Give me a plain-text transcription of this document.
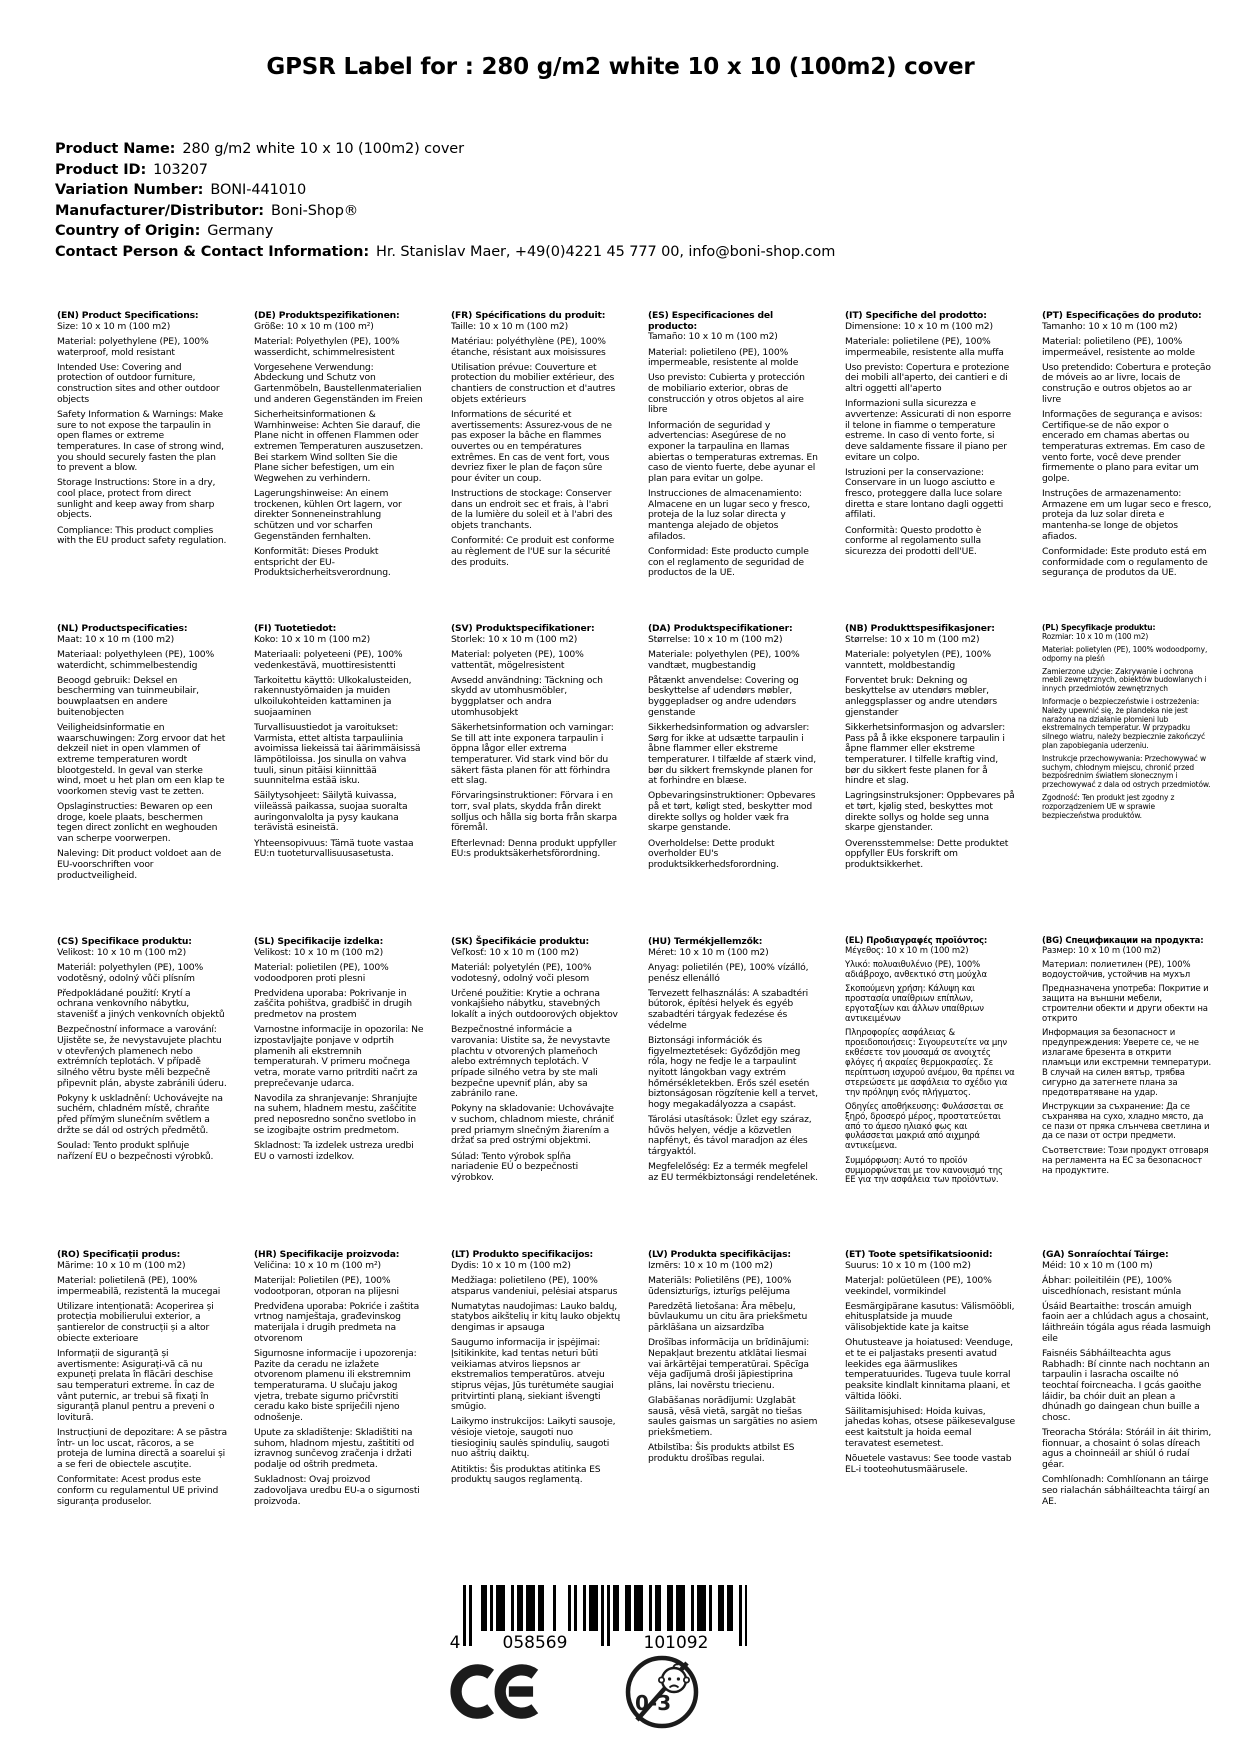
GPSR Label for : 280 g/m2 white 10 x 10 (100m2) cover
Product Name: 280 g/m2 white 10 x 10 (100m2) cover
Product ID: 103207
Variation Number: BONI-441010
Manufacturer/Distributor: Boni-Shop®
Country of Origin: Germany
Contact Person & Contact Information: Hr. Stanislav Maer, +49(0)4221 45 777 00, info@boni-shop.com
(EN) Product Specifications:

Size: 10 x 10 m (100 m2)

Material: polyethylene (PE), 100% waterproof, mold resistant

Intended Use: Covering and protection of outdoor furniture, construction sites and other outdoor objects

Safety Information & Warnings: Make sure to not expose the tarpaulin in open flames or extreme temperatures. In case of strong wind, you should securely fasten the plan to prevent a blow.

Storage Instructions: Store in a dry, cool place, protect from direct sunlight and keep away from sharp objects.

Compliance: This product complies with the EU product safety regulation.

(DE) Produktspezifikationen:

Größe: 10 x 10 m (100 m²)

Material: Polyethylen (PE), 100% wasserdicht, schimmelresistent

Vorgesehene Verwendung: Abdeckung und Schutz von Gartenmöbeln, Baustellenmaterialien und anderen Gegenständen im Freien

Sicherheitsinformationen & Warnhinweise: Achten Sie darauf, die Plane nicht in offenen Flammen oder extremen Temperaturen auszusetzen. Bei starkem Wind sollten Sie die Plane sicher befestigen, um ein Wegwehen zu verhindern.

Lagerungshinweise: An einem trockenen, kühlen Ort lagern, vor direkter Sonneneinstrahlung schützen und vor scharfen Gegenständen fernhalten.

Konformität: Dieses Produkt entspricht der EU-Produktsicherheitsverordnung.

(FR) Spécifications du produit:

Taille: 10 x 10 m (100 m2)

Matériau: polyéthylène (PE), 100% étanche, résistant aux moisissures

Utilisation prévue: Couverture et protection du mobilier extérieur, des chantiers de construction et d'autres objets extérieurs

Informations de sécurité et avertissements: Assurez-vous de ne pas exposer la bâche en flammes ouvertes ou en températures extrêmes. En cas de vent fort, vous devriez fixer le plan de façon sûre pour éviter un coup.

Instructions de stockage: Conserver dans un endroit sec et frais, à l'abri de la lumière du soleil et à l'abri des objets tranchants.

Conformité: Ce produit est conforme au règlement de l'UE sur la sécurité des produits.

(ES) Especificaciones del producto:

Tamaño: 10 x 10 m (100 m2)

Material: polietileno (PE), 100% impermeable, resistente al molde

Uso previsto: Cubierta y protección de mobiliario exterior, obras de construcción y otros objetos al aire libre

Información de seguridad y advertencias: Asegúrese de no exponer la tarpaulina en llamas abiertas o temperaturas extremas. En caso de viento fuerte, debe ayunar el plan para evitar un golpe.

Instrucciones de almacenamiento: Almacene en un lugar seco y fresco, proteja de la luz solar directa y mantenga alejado de objetos afilados.

Conformidad: Este producto cumple con el reglamento de seguridad de productos de la UE.

(IT) Specifiche del prodotto:

Dimensione: 10 x 10 m (100 m2)

Materiale: polietilene (PE), 100% impermeabile, resistente alla muffa

Uso previsto: Copertura e protezione dei mobili all'aperto, dei cantieri e di altri oggetti all'aperto

Informazioni sulla sicurezza e avvertenze: Assicurati di non esporre il telone in fiamme o temperature estreme. In caso di vento forte, si deve saldamente fissare il piano per evitare un colpo.

Istruzioni per la conservazione: Conservare in un luogo asciutto e fresco, proteggere dalla luce solare diretta e stare lontano dagli oggetti affilati.

Conformità: Questo prodotto è conforme al regolamento sulla sicurezza dei prodotti dell'UE.

(PT) Especificações do produto:

Tamanho: 10 x 10 m (100 m2)

Material: polietileno (PE), 100% impermeável, resistente ao molde

Uso pretendido: Cobertura e proteção de móveis ao ar livre, locais de construção e outros objetos ao ar livre

Informações de segurança e avisos: Certifique-se de não expor o encerado em chamas abertas ou temperaturas extremas. Em caso de vento forte, você deve prender firmemente o plano para evitar um golpe.

Instruções de armazenamento: Armazene em um lugar seco e fresco, proteja da luz solar direta e mantenha-se longe de objetos afiados.

Conformidade: Este produto está em conformidade com o regulamento de segurança de produtos da UE.

(NL) Productspecificaties:

Maat: 10 x 10 m (100 m2)

Materiaal: polyethyleen (PE), 100% waterdicht, schimmelbestendig

Beoogd gebruik: Deksel en bescherming van tuinmeubilair, bouwplaatsen en andere buitenobjecten

Veiligheidsinformatie en waarschuwingen: Zorg ervoor dat het dekzeil niet in open vlammen of extreme temperaturen wordt blootgesteld. In geval van sterke wind, moet u het plan om een klap te voorkomen stevig vast te zetten.

Opslaginstructies: Bewaren op een droge, koele plaats, beschermen tegen direct zonlicht en weghouden van scherpe voorwerpen.

Naleving: Dit product voldoet aan de EU-voorschriften voor productveiligheid.

(FI) Tuotetiedot:

Koko: 10 x 10 m (100 m2)

Materiaali: polyeteeni (PE), 100% vedenkestävä, muottiresistentti

Tarkoitettu käyttö: Ulkokalusteiden, rakennustyömaiden ja muiden ulkoilukohteiden kattaminen ja suojaaminen

Turvallisuustiedot ja varoitukset: Varmista, ettet altista tarpauliinia avoimissa liekeissä tai äärimmäisissä lämpötiloissa. Jos sinulla on vahva tuuli, sinun pitäisi kiinnittää suunnitelma estää isku.

Säilytysohjeet: Säilytä kuivassa, viileässä paikassa, suojaa suoralta auringonvalolta ja pysy kaukana terävistä esineistä.

Yhteensopivuus: Tämä tuote vastaa EU:n tuoteturvallisuusasetusta.

(SV) Produktspecifikationer:

Storlek: 10 x 10 m (100 m2)

Material: polyeten (PE), 100% vattentät, mögelresistent

Avsedd användning: Täckning och skydd av utomhusmöbler, byggplatser och andra utomhusobjekt

Säkerhetsinformation och varningar: Se till att inte exponera tarpaulin i öppna lågor eller extrema temperaturer. Vid stark vind bör du säkert fästa planen för att förhindra ett slag.

Förvaringsinstruktioner: Förvara i en torr, sval plats, skydda från direkt solljus och hålla sig borta från skarpa föremål.

Efterlevnad: Denna produkt uppfyller EU:s produktsäkerhetsförordning.

(DA) Produktspecifikationer:

Størrelse: 10 x 10 m (100 m2)

Materiale: polyethylen (PE), 100% vandtæt, mugbestandig

Påtænkt anvendelse: Covering og beskyttelse af udendørs møbler, byggepladser og andre udendørs genstande

Sikkerhedsinformation og advarsler: Sørg for ikke at udsætte tarpaulin i åbne flammer eller ekstreme temperaturer. I tilfælde af stærk vind, bør du sikkert fremskynde planen for at forhindre en blæse.

Opbevaringsinstruktioner: Opbevares på et tørt, køligt sted, beskytter mod direkte sollys og holder væk fra skarpe genstande.

Overholdelse: Dette produkt overholder EU's produktsikkerhedsforordning.

(NB) Produkttspesifikasjoner:

Størrelse: 10 x 10 m (100 m2)

Materiale: polyetylen (PE), 100% vanntett, moldbestandig

Forventet bruk: Dekning og beskyttelse av utendørs møbler, anleggsplasser og andre utendørs gjenstander

Sikkerhetsinformasjon og advarsler: Pass på å ikke eksponere tarpaulin i åpne flammer eller ekstreme temperaturer. I tilfelle kraftig vind, bør du sikkert feste planen for å hindre et slag.

Lagringsinstruksjoner: Oppbevares på et tørt, kjølig sted, beskyttes mot direkte sollys og holde seg unna skarpe gjenstander.

Overensstemmelse: Dette produktet oppfyller EUs forskrift om produktsikkerhet.

(PL) Specyfikacje produktu:

Rozmiar: 10 x 10 m (100 m2)

Materiał: polietylen (PE), 100% wodoodporny, odporny na pleśń

Zamierzone użycie: Zakrywanie i ochrona mebli zewnętrznych, obiektów budowlanych i innych przedmiotów zewnętrznych

Informacje o bezpieczeństwie i ostrzeżenia: Należy upewnić się, że plandeka nie jest narażona na działanie płomieni lub ekstremalnych temperatur. W przypadku silnego wiatru, należy bezpiecznie zakończyć plan zapobiegania uderzeniu.

Instrukcje przechowywania: Przechowywać w suchym, chłodnym miejscu, chronić przed bezpośrednim światłem słonecznym i przechowywać z dala od ostrych przedmiotów.

Zgodność: Ten produkt jest zgodny z rozporządzeniem UE w sprawie bezpieczeństwa produktów.

(CS) Specifikace produktu:

Velikost: 10 x 10 m (100 m2)

Materiál: polyethylen (PE), 100% vodotěsný, odolný vůči plísním

Předpokládané použití: Krytí a ochrana venkovního nábytku, stavenišť a jiných venkovních objektů

Bezpečnostní informace a varování: Ujistěte se, že nevystavujete plachtu v otevřených plamenech nebo extrémních teplotách. V případě silného větru byste měli bezpečně připevnit plán, abyste zabránili úderu.

Pokyny k uskladnění: Uchovávejte na suchém, chladném místě, chraňte před přímým slunečním světlem a držte se dál od ostrých předmětů.

Soulad: Tento produkt splňuje nařízení EU o bezpečnosti výrobků.

(SL) Specifikacije izdelka:

Velikost: 10 x 10 m (100 m2)

Material: polietilen (PE), 100% vodoodporen proti plesni

Predvidena uporaba: Pokrivanje in zaščita pohištva, gradbišč in drugih predmetov na prostem

Varnostne informacije in opozorila: Ne izpostavljajte ponjave v odprtih plamenih ali ekstremnih temperaturah. V primeru močnega vetra, morate varno pritrditi načrt za preprečevanje udarca.

Navodila za shranjevanje: Shranjujte na suhem, hladnem mestu, zaščitite pred neposredno sončno svetlobo in se izogibajte ostrim predmetom.

Skladnost: Ta izdelek ustreza uredbi EU o varnosti izdelkov.

(SK) Špecifikácie produktu:

Veľkosť: 10 x 10 m (100 m2)

Materiál: polyetylén (PE), 100% vodotesný, odolný voči plesom

Určené použitie: Krytie a ochrana vonkajšieho nábytku, stavebných lokalít a iných outdoorových objektov

Bezpečnostné informácie a varovania: Uistite sa, že nevystavte plachtu v otvorených plameňoch alebo extrémnych teplotách. V prípade silného vetra by ste mali bezpečne upevniť plán, aby sa zabránilo rane.

Pokyny na skladovanie: Uchovávajte v suchom, chladnom mieste, chrániť pred priamym slnečným žiarením a držať sa pred ostrými objektmi.

Súlad: Tento výrobok spĺňa nariadenie EÚ o bezpečnosti výrobkov.

(HU) Termékjellemzők:

Méret: 10 x 10 m (100 m2)

Anyag: polietilén (PE), 100% vízálló, penész ellenálló

Tervezett felhasználás: A szabadtéri bútorok, építési helyek és egyéb szabadtéri tárgyak fedezése és védelme

Biztonsági információk és figyelmeztetések: Győződjön meg róla, hogy ne fedje le a tarpaulint nyitott lángokban vagy extrém hőmérsékletekben. Erős szél esetén biztonságosan rögzítenie kell a tervet, hogy megakadályozza a csapást.

Tárolási utasítások: Üzlet egy száraz, hűvös helyen, védje a közvetlen napfényt, és távol maradjon az éles tárgyaktól.

Megfelelőség: Ez a termék megfelel az EU termékbiztonsági rendeletének.

(EL) Προδιαγραφές προϊόντος:

Μέγεθος: 10 x 10 m (100 m2)

Υλικό: πολυαιθυλένιο (PE), 100% αδιάβροχο, ανθεκτικό στη μούχλα

Σκοπούμενη χρήση: Κάλυψη και προστασία υπαίθριων επίπλων, εργοταξίων και άλλων υπαίθριων αντικειμένων

Πληροφορίες ασφάλειας & προειδοποιήσεις: Σιγουρευτείτε να μην εκθέσετε τον μουσαμά σε ανοιχτές φλόγες ή ακραίες θερμοκρασίες. Σε περίπτωση ισχυρού ανέμου, θα πρέπει να στερεώσετε με ασφάλεια το σχέδιο για την πρόληψη ενός πλήγματος.

Οδηγίες αποθήκευσης: Φυλάσσεται σε ξηρό, δροσερό μέρος, προστατεύεται από το άμεσο ηλιακό φως και φυλάσσεται μακριά από αιχμηρά αντικείμενα.

Συμμόρφωση: Αυτό το προϊόν συμμορφώνεται με τον κανονισμό της ΕΕ για την ασφάλεια των προϊόντων.

(BG) Спецификации на продукта:

Размер: 10 x 10 m (100 m2)

Материал: полиетилен (PE), 100% водоустойчив, устойчив на мухъл

Предназначена употреба: Покритие и защита на външни мебели, строителни обекти и други обекти на открито

Информация за безопасност и предупреждения: Уверете се, че не излагаме брезента в открити пламъци или екстремни температури. В случай на силен вятър, трябва сигурно да затегнете плана за предотвратяване на удар.

Инструкции за съхранение: Да се съхранява на сухо, хладно място, да се пази от пряка слънчева светлина и да се пази от остри предмети.

Съответствие: Този продукт отговаря на регламента на ЕС за безопасност на продуктите.

(RO) Specificații produs:

Mărime: 10 x 10 m (100 m2)

Material: polietilenă (PE), 100% impermeabilă, rezistentă la mucegai

Utilizare intenționată: Acoperirea și protecția mobilierului exterior, a șantierelor de construcții și a altor obiecte exterioare

Informații de siguranță și avertismente: Asigurați-vă că nu expuneți prelata în flăcări deschise sau temperaturi extreme. În caz de vânt puternic, ar trebui să fixați în siguranță planul pentru a preveni o lovitură.

Instrucțiuni de depozitare: A se păstra într- un loc uscat, răcoros, a se proteja de lumina directă a soarelui și a se feri de obiectele ascuțite.

Conformitate: Acest produs este conform cu regulamentul UE privind siguranța produselor.

(HR) Specifikacije proizvoda:

Veličina: 10 x 10 m (100 m²)

Materijal: Polietilen (PE), 100% vodootporan, otporan na plijesni

Predviđena uporaba: Pokriće i zaštita vrtnog namještaja, građevinskog materijala i drugih predmeta na otvorenom

Sigurnosne informacije i upozorenja: Pazite da ceradu ne izlažete otvorenom plamenu ili ekstremnim temperaturama. U slučaju jakog vjetra, trebate sigurno pričvrstiti ceradu kako biste spriječili njeno odnošenje.

Upute za skladištenje: Skladištiti na suhom, hladnom mjestu, zaštititi od izravnog sunčevog zračenja i držati podalje od oštrih predmeta.

Sukladnost: Ovaj proizvod zadovoljava uredbu EU-a o sigurnosti proizvoda.

(LT) Produkto specifikacijos:

Dydis: 10 x 10 m (100 m2)

Medžiaga: polietileno (PE), 100% atsparus vandeniui, pelėsiai atsparus

Numatytas naudojimas: Lauko baldų, statybos aikštelių ir kitų lauko objektų dengimas ir apsauga

Saugumo informacija ir įspėjimai: Įsitikinkite, kad tentas neturi būti veikiamas atviros liepsnos ar ekstremalios temperatūros. atveju stiprus vėjas, Jūs turėtumėte saugiai pritvirtinti planą, siekiant išvengti smūgio.

Laikymo instrukcijos: Laikyti sausoje, vėsioje vietoje, saugoti nuo tiesioginių saulės spindulių, saugoti nuo aštrių daiktų.

Atitiktis: Šis produktas atitinka ES produktų saugos reglamentą.

(LV) Produkta specifikācijas:

Izmērs: 10 x 10 m (100 m2)

Materiāls: Polietilēns (PE), 100% ūdensizturīgs, izturīgs pelējuma

Paredzētā lietošana: Āra mēbeļu, būvlaukumu un citu āra priekšmetu pārklāšana un aizsardzība

Drošības informācija un brīdinājumi: Nepakļaut brezentu atklātai liesmai vai ārkārtējai temperatūrai. Spēcīga vēja gadījumā droši jāpiestiprina plāns, lai novērstu triecienu.

Glabāšanas norādījumi: Uzglabāt sausā, vēsā vietā, sargāt no tiešas saules gaismas un sargāties no asiem priekšmetiem.

Atbilstība: Šis produkts atbilst ES produktu drošības regulai.

(ET) Toote spetsifikatsioonid:

Suurus: 10 x 10 m (100 m2)

Materjal: polüetüleen (PE), 100% veekindel, vormikindel

Eesmärgipärane kasutus: Välismööbli, ehitusplatside ja muude välisobjektide kate ja kaitse

Ohutusteave ja hoiatused: Veenduge, et te ei paljastaks presenti avatud leekides ega äärmuslikes temperatuurides. Tugeva tuule korral peaksite kindlalt kinnitama plaani, et vältida lööki.

Säilitamisjuhised: Hoida kuivas, jahedas kohas, otsese päikesevalguse eest kaitstult ja hoida eemal teravatest esemetest.

Nõuetele vastavus: See toode vastab EL-i tooteohutusmäärusele.

(GA) Sonraíochtaí Táirge:

Méid: 10 x 10 m (100 m)

Ábhar: poileitiléin (PE), 100% uiscedhíonach, resistant múnla

Úsáid Beartaithe: troscán amuigh faoin aer a chlúdach agus a chosaint, láithreáin tógála agus réada lasmuigh eile

Faisnéis Sábháilteachta agus Rabhadh: Bí cinnte nach nochtann an tarpaulin i lasracha oscailte nó teochtaí foircneacha. I gcás gaoithe láidir, ba chóir duit an plean a dhúnadh go daingean chun buille a chosc.

Treoracha Stórála: Stóráil in áit thirim, fionnuar, a chosaint ó solas díreach agus a choinneáil ar shiúl ó rudaí géar.

Comhlíonadh: Comhlíonann an táirge seo rialachán sábháilteachta táirgí an AE.

4 058569	101092
0-3
